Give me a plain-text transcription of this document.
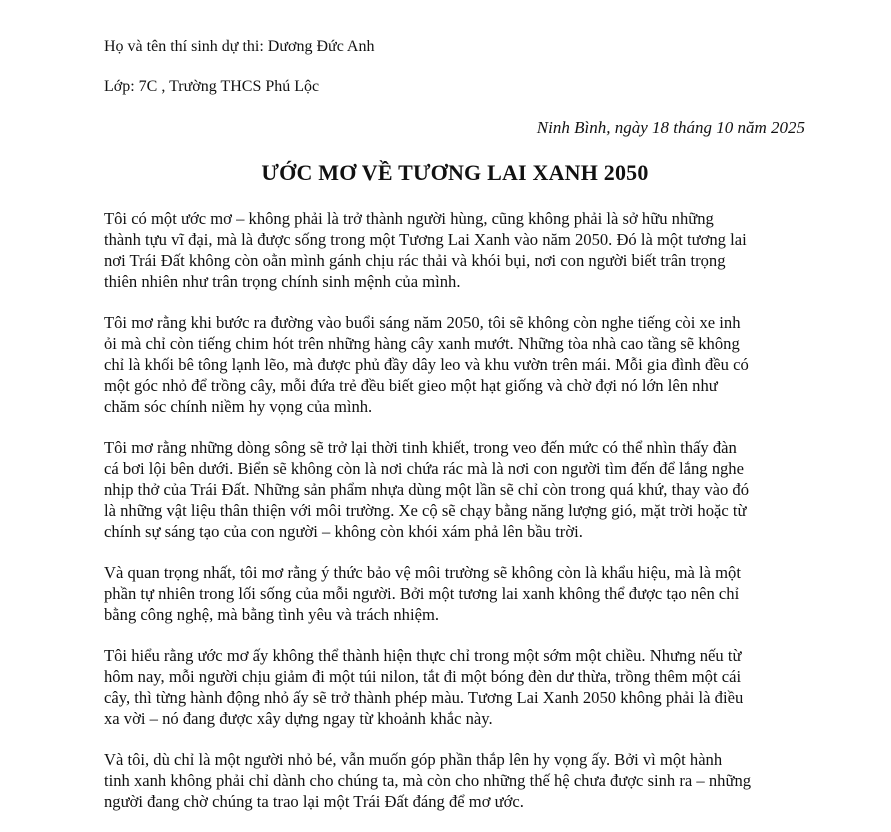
Họ và tên thí sinh dự thi: Dương Đức Anh
Lớp: 7C , Trường THCS Phú Lộc
Ninh Bình, ngày 18 tháng 10 năm 2025
ƯỚC MƠ VỀ TƯƠNG LAI XANH 2050

Tôi có một ước mơ – không phải là trở thành người hùng, cũng không phải là sở hữu những
thành tựu vĩ đại, mà là được sống trong một Tương Lai Xanh vào năm 2050. Đó là một tương lai
nơi Trái Đất không còn oằn mình gánh chịu rác thải và khói bụi, nơi con người biết trân trọng
thiên nhiên như trân trọng chính sinh mệnh của mình.

Tôi mơ rằng khi bước ra đường vào buổi sáng năm 2050, tôi sẽ không còn nghe tiếng còi xe inh
ỏi mà chỉ còn tiếng chim hót trên những hàng cây xanh mướt. Những tòa nhà cao tầng sẽ không
chỉ là khối bê tông lạnh lẽo, mà được phủ đầy dây leo và khu vườn trên mái. Mỗi gia đình đều có
một góc nhỏ để trồng cây, mỗi đứa trẻ đều biết gieo một hạt giống và chờ đợi nó lớn lên như
chăm sóc chính niềm hy vọng của mình.

Tôi mơ rằng những dòng sông sẽ trở lại thời tinh khiết, trong veo đến mức có thể nhìn thấy đàn
cá bơi lội bên dưới. Biển sẽ không còn là nơi chứa rác mà là nơi con người tìm đến để lắng nghe
nhịp thở của Trái Đất. Những sản phẩm nhựa dùng một lần sẽ chỉ còn trong quá khứ, thay vào đó
là những vật liệu thân thiện với môi trường. Xe cộ sẽ chạy bằng năng lượng gió, mặt trời hoặc từ
chính sự sáng tạo của con người – không còn khói xám phả lên bầu trời.

Và quan trọng nhất, tôi mơ rằng ý thức bảo vệ môi trường sẽ không còn là khẩu hiệu, mà là một
phần tự nhiên trong lối sống của mỗi người. Bởi một tương lai xanh không thể được tạo nên chỉ
bằng công nghệ, mà bằng tình yêu và trách nhiệm.

Tôi hiểu rằng ước mơ ấy không thể thành hiện thực chỉ trong một sớm một chiều. Nhưng nếu từ
hôm nay, mỗi người chịu giảm đi một túi nilon, tắt đi một bóng đèn dư thừa, trồng thêm một cái
cây, thì từng hành động nhỏ ấy sẽ trở thành phép màu. Tương Lai Xanh 2050 không phải là điều
xa vời – nó đang được xây dựng ngay từ khoảnh khắc này.

Và tôi, dù chỉ là một người nhỏ bé, vẫn muốn góp phần thắp lên hy vọng ấy. Bởi vì một hành
tinh xanh không phải chỉ dành cho chúng ta, mà còn cho những thế hệ chưa được sinh ra – những
người đang chờ chúng ta trao lại một Trái Đất đáng để mơ ước.
